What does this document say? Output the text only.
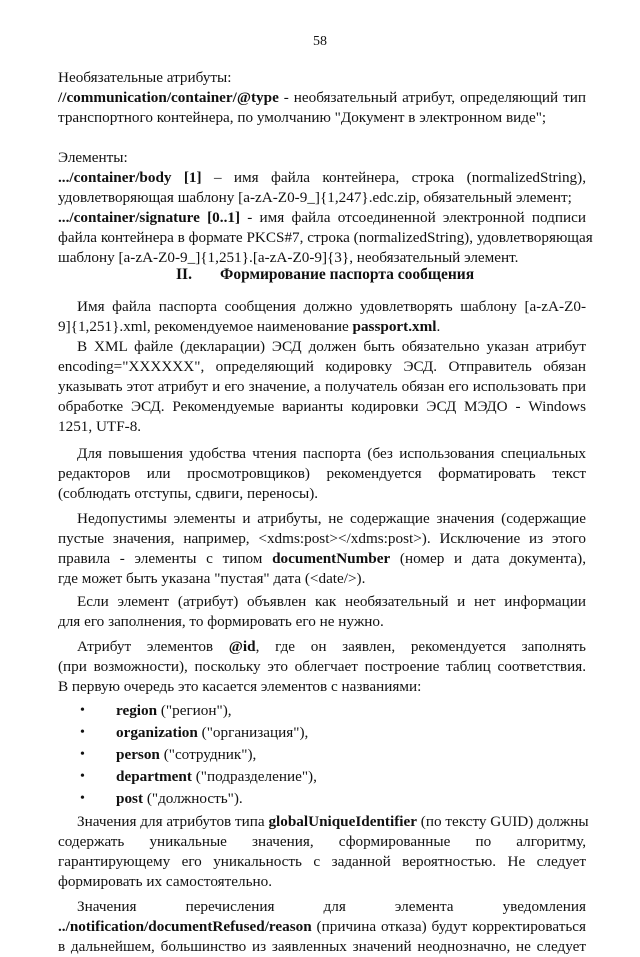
58
Необязательные атрибуты:
//communication/container/@type - необязательный атрибут, определяющий тип
транспортного контейнера, по умолчанию "Документ в электронном виде";
Элементы:
.../container/body [1] – имя файла контейнера, строка (normalizedString),
удовлетворяющая шаблону [a-zA-Z0-9_]{1,247}.edc.zip, обязательный элемент;
.../container/signature [0..1] - имя файла отсоединенной электронной подписи
файла контейнера в формате PKCS#7, строка (normalizedString), удовлетворяющая
шаблону [a-zA-Z0-9_]{1,251}.[a-zA-Z0-9]{3}, необязательный элемент.
II. Формирование паспорта сообщения
Имя файла паспорта сообщения должно удовлетворять шаблону [a-zA-Z0-
9]{1,251}.xml, рекомендуемое наименование passport.xml.
В XML файле (декларации) ЭСД должен быть обязательно указан атрибут
encoding="XXXXXX", определяющий кодировку ЭСД. Отправитель обязан
указывать этот атрибут и его значение, а получатель обязан его использовать при
обработке ЭСД. Рекомендуемые варианты кодировки ЭСД МЭДО - Windows
1251, UTF-8.
Для повышения удобства чтения паспорта (без использования специальных
редакторов или просмотровщиков) рекомендуется форматировать текст
(соблюдать отступы, сдвиги, переносы).
Недопустимы элементы и атрибуты, не содержащие значения (содержащие
пустые значения, например, <xdms:post></xdms:post>). Исключение из этого
правила - элементы с типом documentNumber (номер и дата документа),
где может быть указана "пустая" дата (<date/>).
Если элемент (атрибут) объявлен как необязательный и нет информации
для его заполнения, то формировать его не нужно.
Атрибут элементов @id, где он заявлен, рекомендуется заполнять
(при возможности), поскольку это облегчает построение таблиц соответствия.
В первую очередь это касается элементов с названиями:
• region ("регион"),
• organization ("организация"),
• person ("сотрудник"),
• department ("подразделение"),
• post ("должность").
Значения для атрибутов типа globalUniqueIdentifier (по тексту GUID) должны
содержать уникальные значения, сформированные по алгоритму,
гарантирующему его уникальность с заданной вероятностью. Не следует
формировать их самостоятельно.
Значения перечисления для элемента уведомления
../notification/documentRefused/reason (причина отказа) будут корректироваться
в дальнейшем, большинство из заявленных значений неоднозначно, не следует
